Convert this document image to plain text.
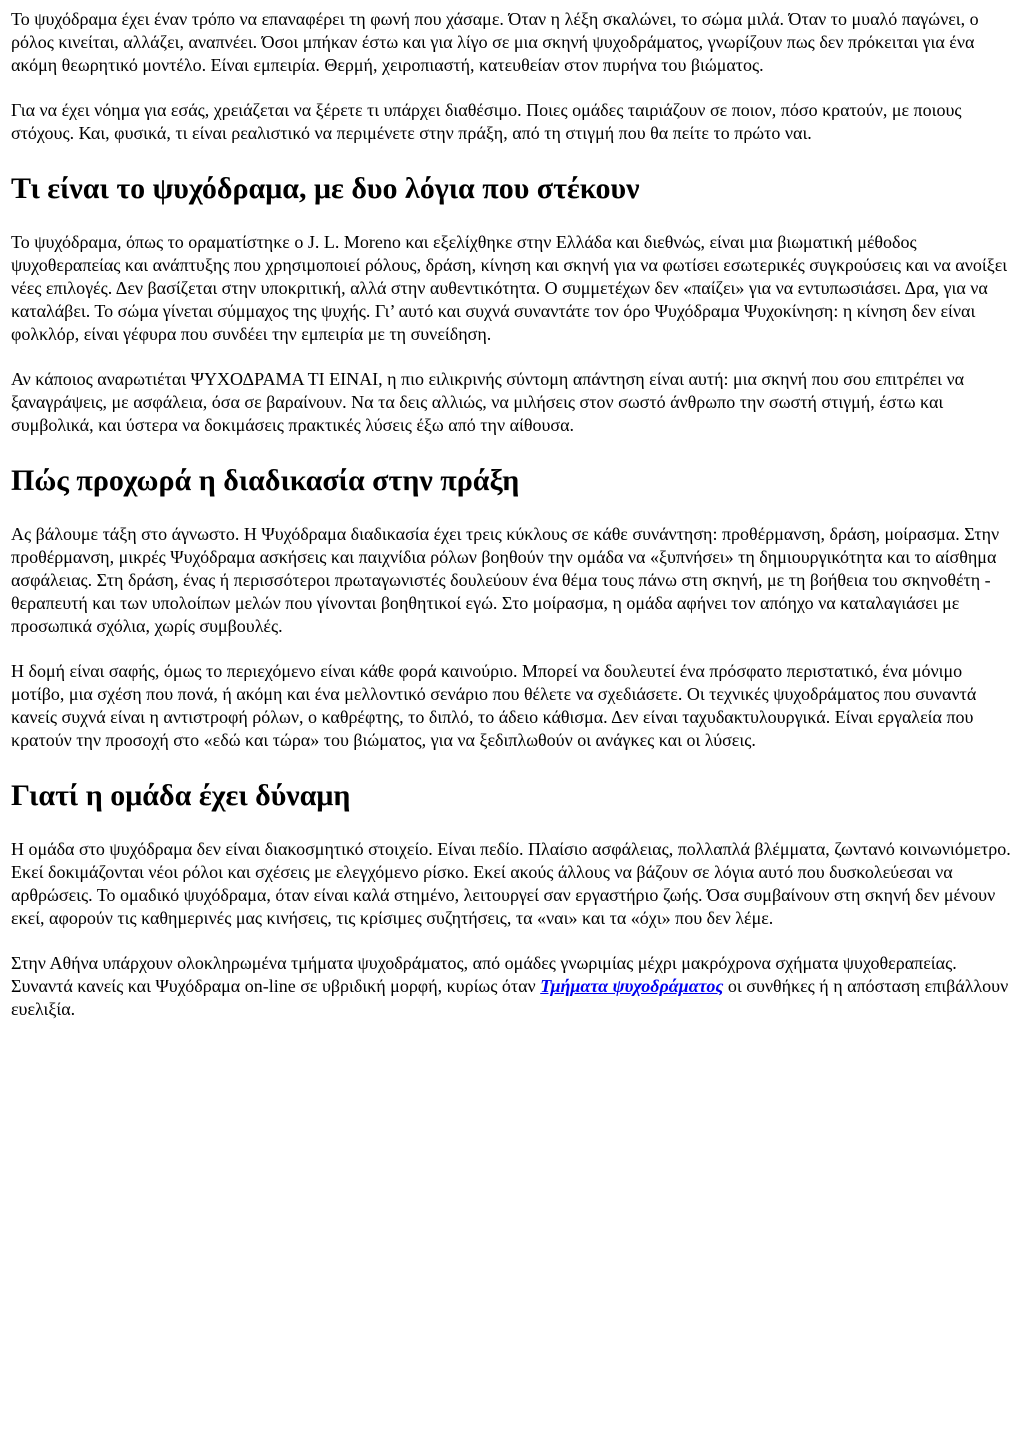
Το ψυχόδραμα έχει έναν τρόπο να επαναφέρει τη φωνή που χάσαμε. Όταν η λέξη σκαλώνει, το σώμα μιλά. Όταν το μυαλό παγώνει, ο ρόλος κινείται, αλλάζει, αναπνέει. Όσοι μπήκαν έστω και για λίγο σε μια σκηνή ψυχοδράματος, γνωρίζουν πως δεν πρόκειται για ένα ακόμη θεωρητικό μοντέλο. Είναι εμπειρία. Θερμή, χειροπιαστή, κατευθείαν στον πυρήνα του βιώματος.

Για να έχει νόημα για εσάς, χρειάζεται να ξέρετε τι υπάρχει διαθέσιμο. Ποιες ομάδες ταιριάζουν σε ποιον, πόσο κρατούν, με ποιους στόχους. Και, φυσικά, τι είναι ρεαλιστικό να περιμένετε στην πράξη, από τη στιγμή που θα πείτε το πρώτο ναι.

Τι είναι το ψυχόδραμα, με δυο λόγια που στέκουν

Το ψυχόδραμα, όπως το οραματίστηκε ο J. L. Moreno και εξελίχθηκε στην Ελλάδα και διεθνώς, είναι μια βιωματική μέθοδος ψυχοθεραπείας και ανάπτυξης που χρησιμοποιεί ρόλους, δράση, κίνηση και σκηνή για να φωτίσει εσωτερικές συγκρούσεις και να ανοίξει νέες επιλογές. Δεν βασίζεται στην υποκριτική, αλλά στην αυθεντικότητα. Ο συμμετέχων δεν «παίζει» για να εντυπωσιάσει. Δρα, για να καταλάβει. Το σώμα γίνεται σύμμαχος της ψυχής. Γι’ αυτό και συχνά συναντάτε τον όρο Ψυχόδραμα Ψυχοκίνηση: η κίνηση δεν είναι φολκλόρ, είναι γέφυρα που συνδέει την εμπειρία με τη συνείδηση.

Αν κάποιος αναρωτιέται ΨΥΧΟΔΡΑΜΑ ΤΙ ΕΙΝΑΙ, η πιο ειλικρινής σύντομη απάντηση είναι αυτή: μια σκηνή που σου επιτρέπει να ξαναγράψεις, με ασφάλεια, όσα σε βαραίνουν. Να τα δεις αλλιώς, να μιλήσεις στον σωστό άνθρωπο την σωστή στιγμή, έστω και συμβολικά, και ύστερα να δοκιμάσεις πρακτικές λύσεις έξω από την αίθουσα.

Πώς προχωρά η διαδικασία στην πράξη

Ας βάλουμε τάξη στο άγνωστο. Η Ψυχόδραμα διαδικασία έχει τρεις κύκλους σε κάθε συνάντηση: προθέρμανση, δράση, μοίρασμα. Στην προθέρμανση, μικρές Ψυχόδραμα ασκήσεις και παιχνίδια ρόλων βοηθούν την ομάδα να «ξυπνήσει» τη δημιουργικότητα και το αίσθημα ασφάλειας. Στη δράση, ένας ή περισσότεροι πρωταγωνιστές δουλεύουν ένα θέμα τους πάνω στη σκηνή, με τη βοήθεια του σκηνοθέτη - θεραπευτή και των υπολοίπων μελών που γίνονται βοηθητικοί εγώ. Στο μοίρασμα, η ομάδα αφήνει τον απόηχο να καταλαγιάσει με προσωπικά σχόλια, χωρίς συμβουλές.

Η δομή είναι σαφής, όμως το περιεχόμενο είναι κάθε φορά καινούριο. Μπορεί να δουλευτεί ένα πρόσφατο περιστατικό, ένα μόνιμο μοτίβο, μια σχέση που πονά, ή ακόμη και ένα μελλοντικό σενάριο που θέλετε να σχεδιάσετε. Οι τεχνικές ψυχοδράματος που συναντά κανείς συχνά είναι η αντιστροφή ρόλων, ο καθρέφτης, το διπλό, το άδειο κάθισμα. Δεν είναι ταχυδακτυλουργικά. Είναι εργαλεία που κρατούν την προσοχή στο «εδώ και τώρα» του βιώματος, για να ξεδιπλωθούν οι ανάγκες και οι λύσεις.

Γιατί η ομάδα έχει δύναμη

Η ομάδα στο ψυχόδραμα δεν είναι διακοσμητικό στοιχείο. Είναι πεδίο. Πλαίσιο ασφάλειας, πολλαπλά βλέμματα, ζωντανό κοινωνιόμετρο. Εκεί δοκιμάζονται νέοι ρόλοι και σχέσεις με ελεγχόμενο ρίσκο. Εκεί ακούς άλλους να βάζουν σε λόγια αυτό που δυσκολεύεσαι να αρθρώσεις. Το ομαδικό ψυχόδραμα, όταν είναι καλά στημένο, λειτουργεί σαν εργαστήριο ζωής. Όσα συμβαίνουν στη σκηνή δεν μένουν εκεί, αφορούν τις καθημερινές μας κινήσεις, τις κρίσιμες συζητήσεις, τα «ναι» και τα «όχι» που δεν λέμε.

Στην Αθήνα υπάρχουν ολοκληρωμένα τμήματα ψυχοδράματος, από ομάδες γνωριμίας μέχρι μακρόχρονα σχήματα ψυχοθεραπείας. Συναντά κανείς και Ψυχόδραμα on-line σε υβριδική μορφή, κυρίως όταν Τμήματα ψυχοδράματος οι συνθήκες ή η απόσταση επιβάλλουν ευελιξία.
